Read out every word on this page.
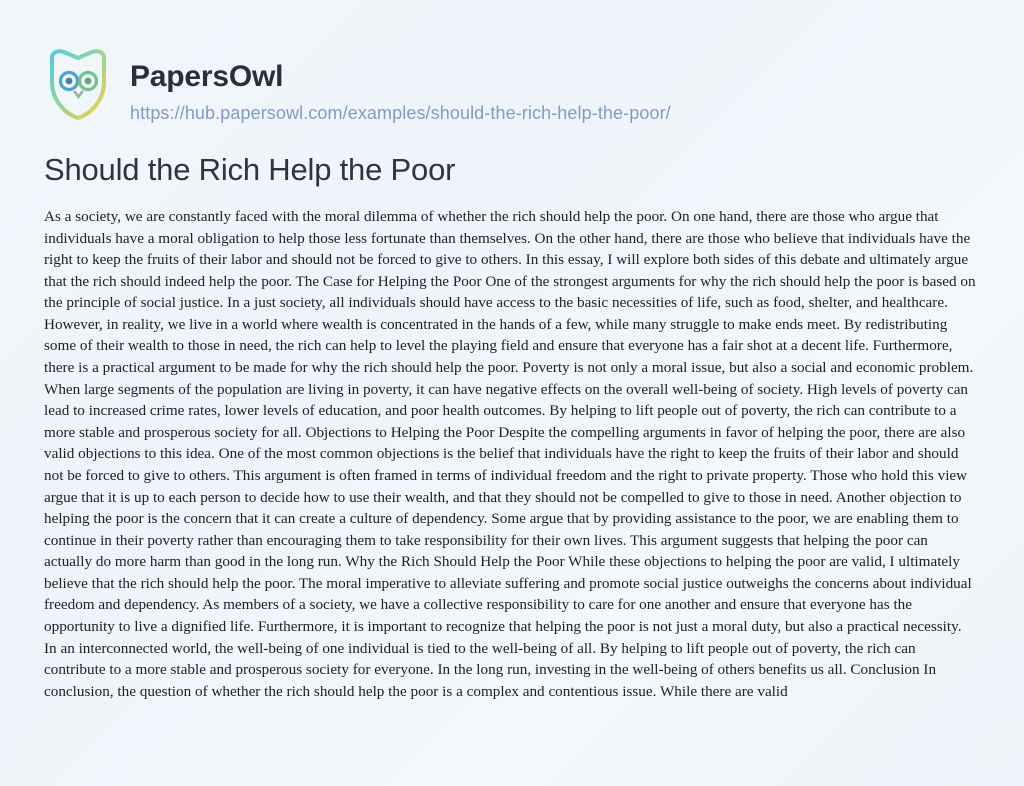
PapersOwl
https://hub.papersowl.com/examples/should-the-rich-help-the-poor/
Should the Rich Help the Poor

As a society, we are constantly faced with the moral dilemma of whether the rich should help the poor. On one hand, there are those who argue that individuals have a moral obligation to help those less fortunate than themselves. On the other hand, there are those who believe that individuals have the right to keep the fruits of their labor and should not be forced to give to others. In this essay, I will explore both sides of this debate and ultimately argue that the rich should indeed help the poor. The Case for Helping the Poor One of the strongest arguments for why the rich should help the poor is based on the principle of social justice. In a just society, all individuals should have access to the basic necessities of life, such as food, shelter, and healthcare. However, in reality, we live in a world where wealth is concentrated in the hands of a few, while many struggle to make ends meet. By redistributing some of their wealth to those in need, the rich can help to level the playing field and ensure that everyone has a fair shot at a decent life. Furthermore, there is a practical argument to be made for why the rich should help the poor. Poverty is not only a moral issue, but also a social and economic problem. When large segments of the population are living in poverty, it can have negative effects on the overall well-being of society. High levels of poverty can lead to increased crime rates, lower levels of education, and poor health outcomes. By helping to lift people out of poverty, the rich can contribute to a more stable and prosperous society for all. Objections to Helping the Poor Despite the compelling arguments in favor of helping the poor, there are also valid objections to this idea. One of the most common objections is the belief that individuals have the right to keep the fruits of their labor and should not be forced to give to others. This argument is often framed in terms of individual freedom and the right to private property. Those who hold this view argue that it is up to each person to decide how to use their wealth, and that they should not be compelled to give to those in need. Another objection to helping the poor is the concern that it can create a culture of dependency. Some argue that by providing assistance to the poor, we are enabling them to continue in their poverty rather than encouraging them to take responsibility for their own lives. This argument suggests that helping the poor can actually do more harm than good in the long run. Why the Rich Should Help the Poor While these objections to helping the poor are valid, I ultimately believe that the rich should help the poor. The moral imperative to alleviate suffering and promote social justice outweighs the concerns about individual freedom and dependency. As members of a society, we have a collective responsibility to care for one another and ensure that everyone has the opportunity to live a dignified life. Furthermore, it is important to recognize that helping the poor is not just a moral duty, but also a practical necessity. In an interconnected world, the well-being of one individual is tied to the well-being of all. By helping to lift people out of poverty, the rich can contribute to a more stable and prosperous society for everyone. In the long run, investing in the well-being of others benefits us all. Conclusion In conclusion, the question of whether the rich should help the poor is a complex and contentious issue. While there are valid
